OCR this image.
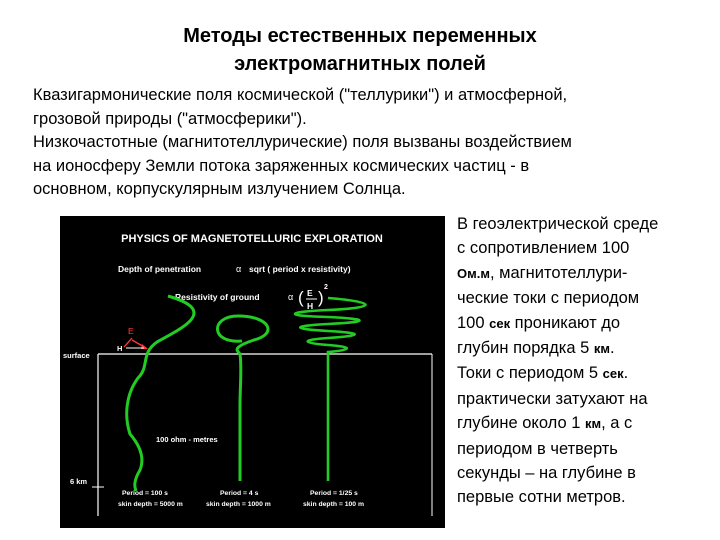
Методы естественных переменных
электромагнитных полей

Квазигармонические поля космической ("теллурики") и атмосферной,

грозовой природы ("атмосферики").

Низкочастотные (магнитотеллурические) поля вызваны воздействием

на ионосферу Земли потока заряженных космических частиц - в

основном, корпускулярным излучением Солнца.

PHYSICS OF MAGNETOTELLURIC EXPLORATION
Depth of penetration	α sqrt ( period x resistivity)
Resistivity of ground	α ( E
H )
2
E
H
surface
6 km
100 ohm - metres
Period = 100 s
skin depth = 5000 m
Period = 4 s
skin depth = 1000 m
Period = 1/25 s
skin depth = 100 m
В геоэлектрической среде
с сопротивлением 100
Ом.м, магнитотеллури-
ческие токи с периодом
100 сек проникают до
глубин порядка 5 км.
Токи с периодом 5 сек.
практически затухают на
глубине около 1 км, а с
периодом в четверть
секунды – на глубине в
первые сотни метров.
